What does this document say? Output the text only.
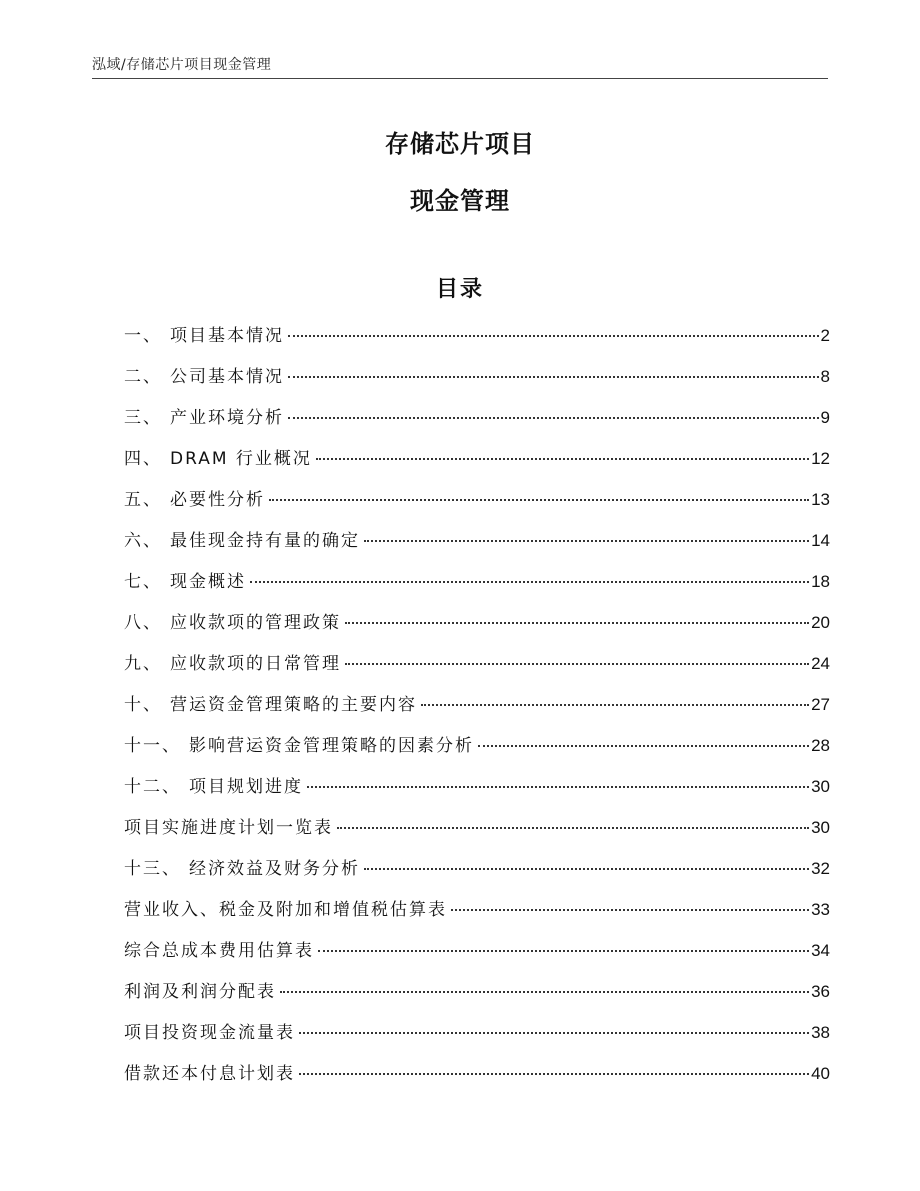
泓域/存储芯片项目现金管理
存储芯片项目
现金管理
目录
一、 项目基本情况	2
二、 公司基本情况	8
三、 产业环境分析	9
四、 DRAM 行业概况	12
五、 必要性分析	13
六、 最佳现金持有量的确定	14
七、 现金概述	18
八、 应收款项的管理政策	20
九、 应收款项的日常管理	24
十、 营运资金管理策略的主要内容	27
十一、 影响营运资金管理策略的因素分析	28
十二、 项目规划进度	30
项目实施进度计划一览表	30
十三、 经济效益及财务分析	32
营业收入、税金及附加和增值税估算表	33
综合总成本费用估算表	34
利润及利润分配表	36
项目投资现金流量表	38
借款还本付息计划表	40
